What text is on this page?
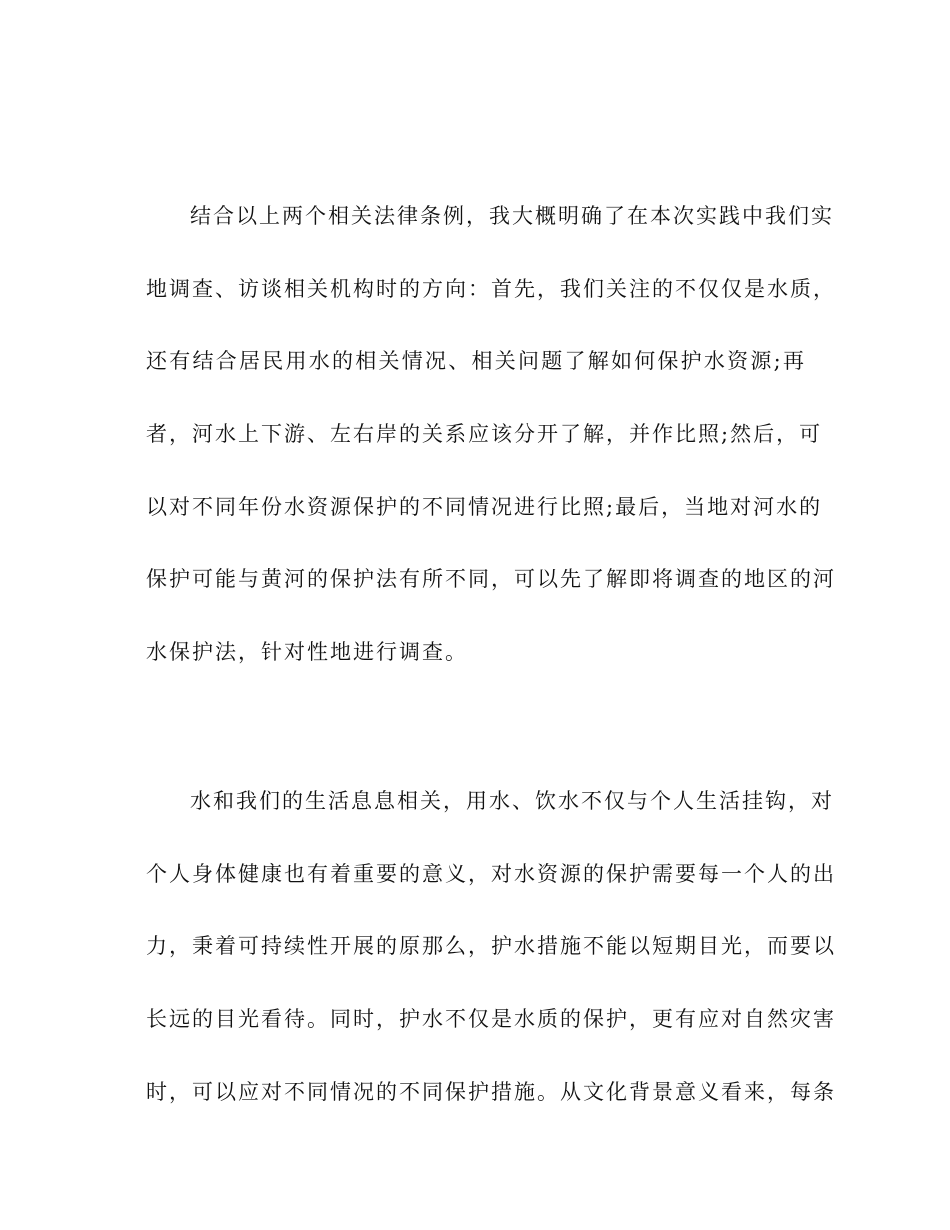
结合以上两个相关法律条例，我大概明确了在本次实践中我们实
地调查、访谈相关机构时的方向：首先，我们关注的不仅仅是水质，
还有结合居民用水的相关情况、相关问题了解如何保护水资源;再
者，河水上下游、左右岸的关系应该分开了解，并作比照;然后，可
以对不同年份水资源保护的不同情况进行比照;最后，当地对河水的
保护可能与黄河的保护法有所不同，可以先了解即将调查的地区的河
水保护法，针对性地进行调查。
水和我们的生活息息相关，用水、饮水不仅与个人生活挂钩，对
个人身体健康也有着重要的意义，对水资源的保护需要每一个人的出
力，秉着可持续性开展的原那么，护水措施不能以短期目光，而要以
长远的目光看待。同时，护水不仅是水质的保护，更有应对自然灾害
时，可以应对不同情况的不同保护措施。从文化背景意义看来，每条
